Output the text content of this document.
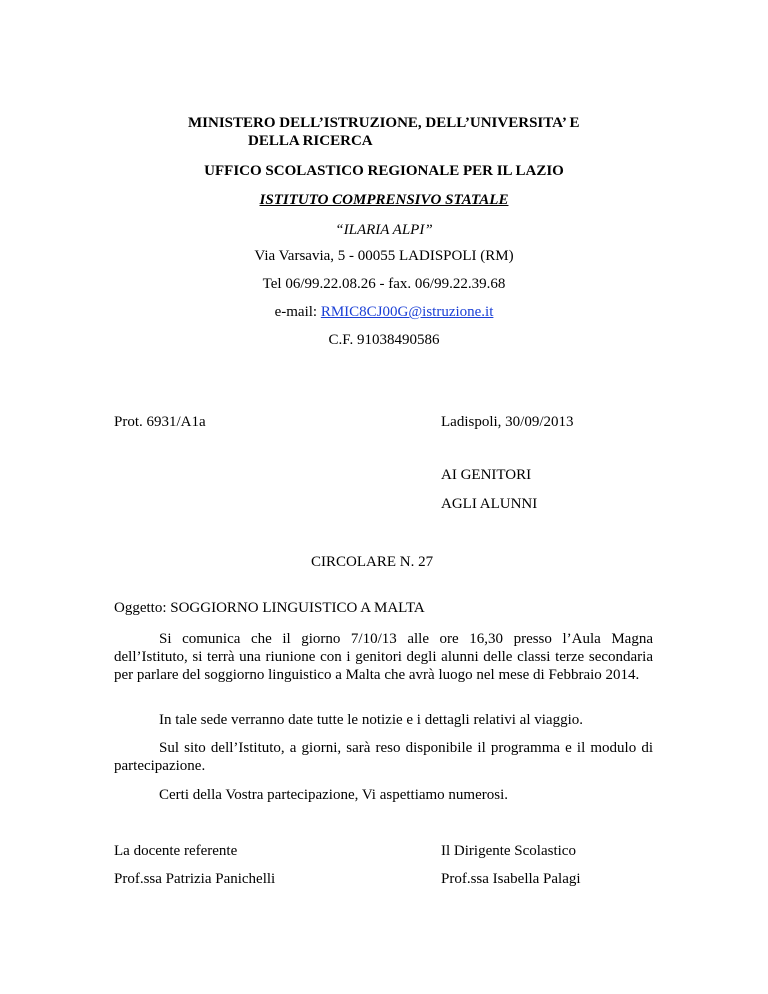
MINISTERO DELL’ISTRUZIONE, DELL’UNIVERSITA’ E
DELLA RICERCA
UFFICO SCOLASTICO REGIONALE PER IL LAZIO
ISTITUTO COMPRENSIVO STATALE
“ILARIA ALPI”
Via Varsavia, 5 - 00055 LADISPOLI (RM)
Tel 06/99.22.08.26 - fax. 06/99.22.39.68
e-mail: RMIC8CJ00G@istruzione.it
C.F. 91038490586
Prot. 6931/A1a	Ladispoli, 30/09/2013
AI GENITORI
AGLI ALUNNI
CIRCOLARE N. 27
Oggetto: SOGGIORNO LINGUISTICO A MALTA
Si comunica che il giorno 7/10/13 alle ore 16,30 presso l’Aula Magna dell’Istituto, si terrà una riunione con i genitori degli alunni delle classi terze secondaria per parlare del soggiorno linguistico a Malta che avrà luogo nel mese di Febbraio 2014.
In tale sede verranno date tutte le notizie e i dettagli relativi al viaggio.
Sul sito dell’Istituto, a giorni, sarà reso disponibile il programma e il modulo di partecipazione.
Certi della Vostra partecipazione, Vi aspettiamo numerosi.
La docente referente
Prof.ssa Patrizia Panichelli
Il Dirigente Scolastico
Prof.ssa Isabella Palagi
